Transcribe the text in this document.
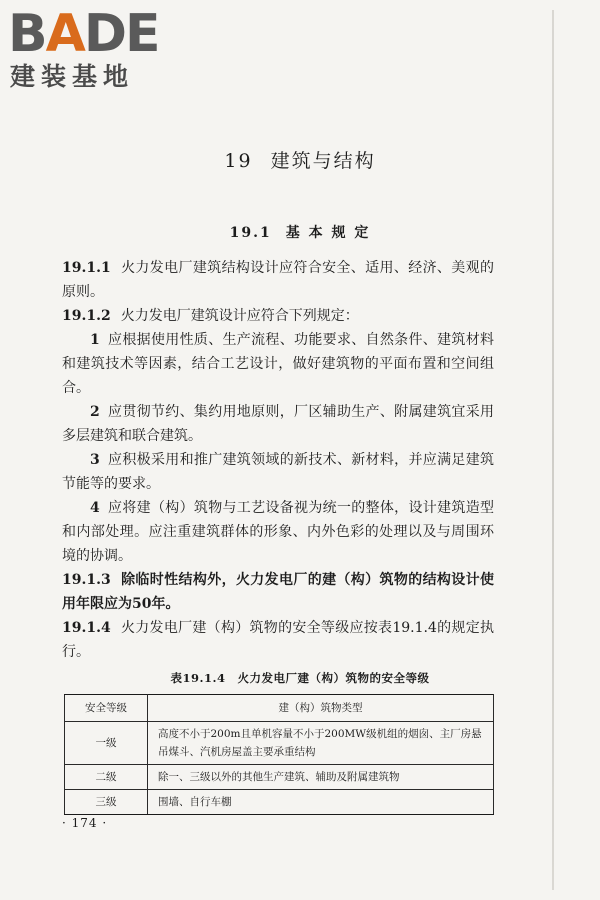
BADE
建装基地
19 建筑与结构
19.1 基 本 规 定

19.1.1 火力发电厂建筑结构设计应符合安全、适用、经济、美观的原则。

19.1.2 火力发电厂建筑设计应符合下列规定：

1 应根据使用性质、生产流程、功能要求、自然条件、建筑材料和建筑技术等因素，结合工艺设计，做好建筑物的平面布置和空间组合。

2 应贯彻节约、集约用地原则，厂区辅助生产、附属建筑宜采用多层建筑和联合建筑。

3 应积极采用和推广建筑领域的新技术、新材料，并应满足建筑节能等的要求。

4 应将建（构）筑物与工艺设备视为统一的整体，设计建筑造型和内部处理。应注重建筑群体的形象、内外色彩的处理以及与周围环境的协调。

19.1.3 除临时性结构外，火力发电厂的建（构）筑物的结构设计使用年限应为50年。

19.1.4 火力发电厂建（构）筑物的安全等级应按表19.1.4的规定执行。

表19.1.4 火力发电厂建（构）筑物的安全等级
安全等级	建（构）筑物类型
一级	高度不小于200m且单机容量不小于200MW级机组的烟囱、主厂房悬吊煤斗、汽机房屋盖主要承重结构
二级	除一、三级以外的其他生产建筑、辅助及附属建筑物
三级	围墙、自行车棚
· 174 ·
